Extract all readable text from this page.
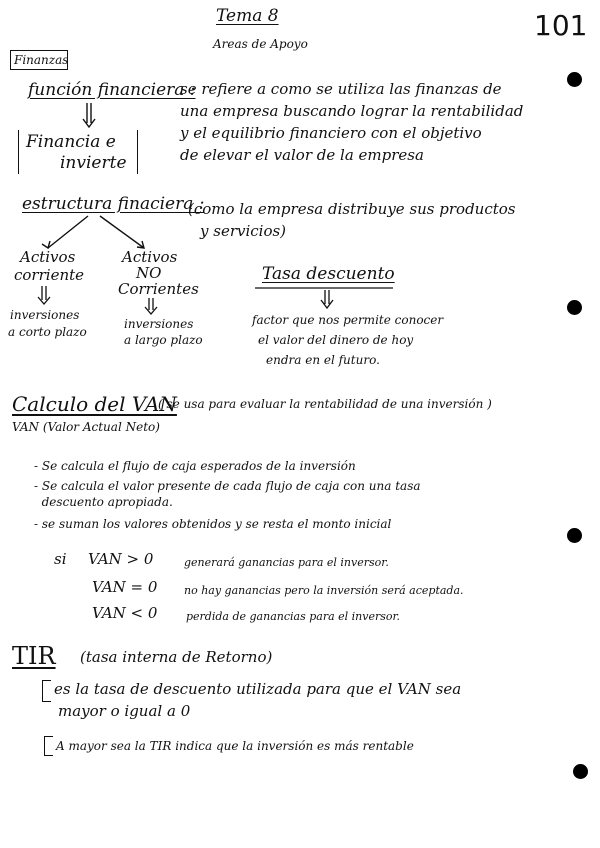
Tema 8
Areas de Apoyo
101
Finanzas
función financiera :
se refiere a como se utiliza las finanzas de
una empresa buscando lograr la rentabilidad
y el equilibrio financiero con el objetivo
de elevar el valor de la empresa
Financia e
invierte
estructura finaciera :
(como la empresa distribuye sus productos
y servicios)
Activos
corriente
inversiones
a corto plazo
Activos
NO
Corrientes
inversiones
a largo plazo
Tasa descuento
factor que nos permite conocer
el valor del dinero de hoy
endra en el futuro.
Calculo del VAN
( se usa para evaluar la rentabilidad de una inversión )
VAN (Valor Actual Neto)
- Se calcula el flujo de caja esperados de la inversión
- Se calcula el valor presente de cada flujo de caja con una tasa
descuento apropiada.
- se suman los valores obtenidos y se resta el monto inicial
si VAN > 0	generará ganancias para el inversor.
VAN = 0 no hay ganancias pero la inversión será aceptada.
VAN < 0	perdida de ganancias para el inversor.
TIR (tasa interna de Retorno)
es la tasa de descuento utilizada para que el VAN sea
mayor o igual a 0
A mayor sea la TIR indica que la inversión es más rentable
